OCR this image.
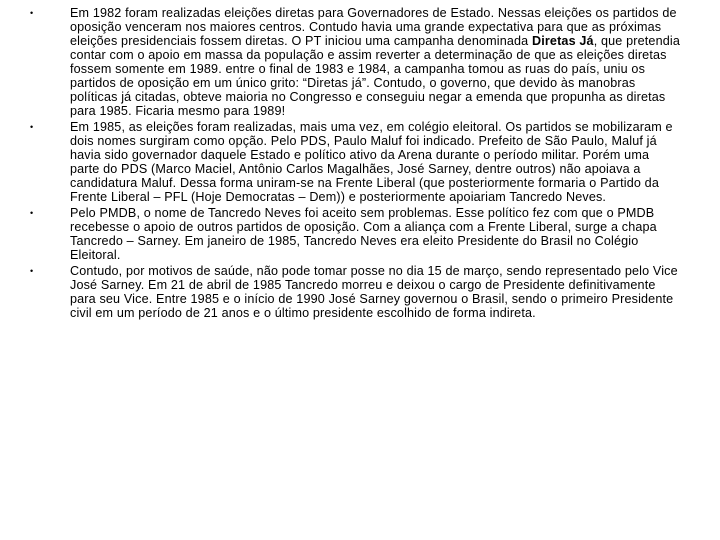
•	Em 1982 foram realizadas eleições diretas para Governadores de Estado. Nessas eleições os partidos de oposição venceram nos maiores centros. Contudo havia uma grande expectativa para que as próximas eleições presidenciais fossem diretas. O PT iniciou uma campanha denominada Diretas Já, que pretendia contar com o apoio em massa da população e assim reverter a determinação de que as eleições diretas fossem somente em 1989. entre o final de 1983 e 1984, a campanha tomou as ruas do país, uniu os partidos de oposição em um único grito: “Diretas já”. Contudo, o governo, que devido às manobras políticas já citadas, obteve maioria no Congresso e conseguiu negar a emenda que propunha as diretas para 1985. Ficaria mesmo para 1989!
•	Em 1985, as eleições foram realizadas, mais uma vez, em colégio eleitoral. Os partidos se mobilizaram e dois nomes surgiram como opção. Pelo PDS, Paulo Maluf foi indicado. Prefeito de São Paulo, Maluf já havia sido governador daquele Estado e político ativo da Arena durante o período militar. Porém uma parte do PDS (Marco Maciel, Antônio Carlos Magalhães, José Sarney, dentre outros) não apoiava a candidatura Maluf. Dessa forma uniram-se na Frente Liberal (que posteriormente formaria o Partido da Frente Liberal – PFL (Hoje Democratas – Dem)) e posteriormente apoiariam Tancredo Neves.
•	Pelo PMDB, o nome de Tancredo Neves foi aceito sem problemas. Esse político fez com que o PMDB recebesse o apoio de outros partidos de oposição. Com a aliança com a Frente Liberal, surge a chapa Tancredo – Sarney. Em janeiro de 1985, Tancredo Neves era eleito Presidente do Brasil no Colégio Eleitoral.
•	Contudo, por motivos de saúde, não pode tomar posse no dia 15 de março, sendo representado pelo Vice José Sarney. Em 21 de abril de 1985 Tancredo morreu e deixou o cargo de Presidente definitivamente para seu Vice. Entre 1985 e o início de 1990 José Sarney governou o Brasil, sendo o primeiro Presidente civil em um período de 21 anos e o último presidente escolhido de forma indireta.
